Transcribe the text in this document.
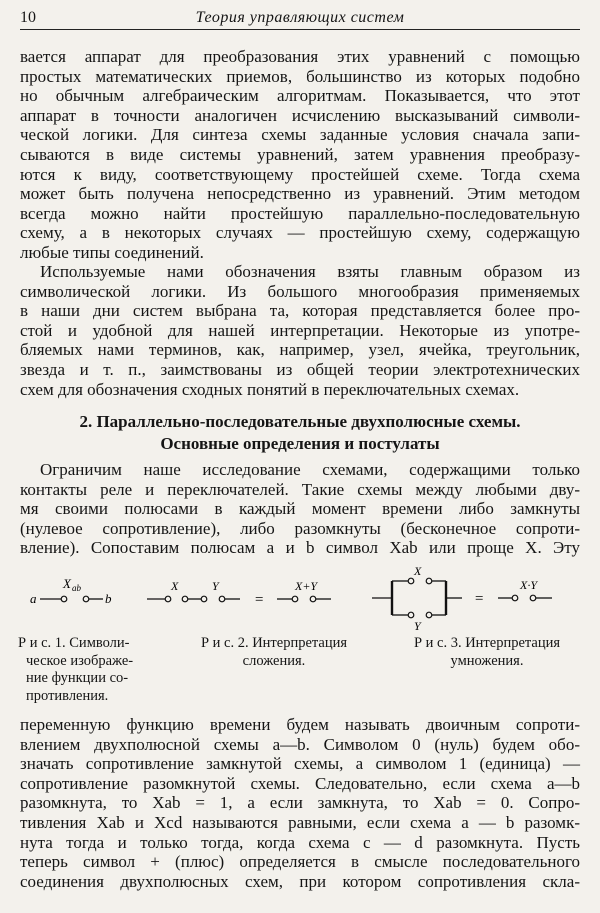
10	Теория управляющих систем
вается аппарат для преобразования этих уравнений с помощью
простых математических приемов, большинство из которых подобно
но обычным алгебраическим алгоритмам. Показывается, что этот
аппарат в точности аналогичен исчислению высказываний символи-
ческой логики. Для синтеза схемы заданные условия сначала запи-
сываются в виде системы уравнений, затем уравнения преобразу-
ются к виду, соответствующему простейшей схеме. Тогда схема
может быть получена непосредственно из уравнений. Этим методом
всегда можно найти простейшую параллельно-последовательную
схему, а в некоторых случаях — простейшую схему, содержащую
любые типы соединений.
Используемые нами обозначения взяты главным образом из
символической логики. Из большого многообразия применяемых
в наши дни систем выбрана та, которая представляется более про-
стой и удобной для нашей интерпретации. Некоторые из употре-
бляемых нами терминов, как, например, узел, ячейка, треугольник,
звезда и т. п., заимствованы из общей теории электротехнических
схем для обозначения сходных понятий в переключательных схемах.
2. Параллельно-последовательные двухполюсные схемы.
Основные определения и постулаты
Ограничим наше исследование схемами, содержащими только
контакты реле и переключателей. Такие схемы между любыми дву-
мя своими полюсами в каждый момент времени либо замкнуты
(нулевое сопротивление), либо разомкнуты (бесконечное сопроти-
вление). Сопоставим полюсам a и b символ Xab или проще X. Эту
X ab
a	b
X	Y
=
X+Y
X
Y
=
X·Y
Р и с. 1. Символи-
ческое изображе-
ние функции со-
противления.
Р и с. 2. Интерпретация
сложения.
Р и с. 3. Интерпретация
умножения.
переменную функцию времени будем называть двоичным сопроти-
влением двухполюсной схемы a—b. Символом 0 (нуль) будем обо-
значать сопротивление замкнутой схемы, а символом 1 (единица) —
сопротивление разомкнутой схемы. Следовательно, если схема a—b
разомкнута, то Xab = 1, а если замкнута, то Xab = 0. Сопро-
тивления Xab и Xcd называются равными, если схема a — b разомк-
нута тогда и только тогда, когда схема c — d разомкнута. Пусть
теперь символ + (плюс) определяется в смысле последовательного
соединения двухполюсных схем, при котором сопротивления скла-
